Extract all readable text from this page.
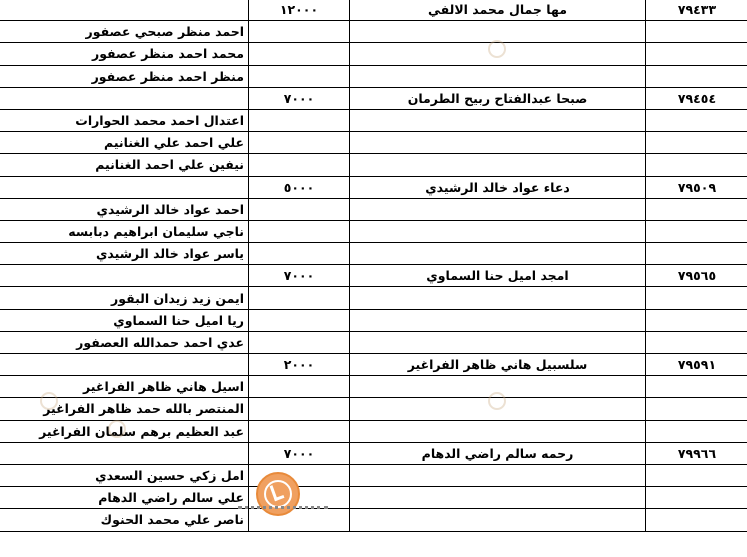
	١٢٠٠٠	مها جمال محمد الالفي	٧٩٤٣٣
احمد منظر صبحي عصفور			
محمد احمد منظر عصفور			
منظر احمد منظر عصفور			
	٧٠٠٠	صبحا عبدالفتاح ربيح الطرمان	٧٩٤٥٤
اعتدال احمد محمد الحوارات			
علي احمد علي الغنانيم			
نيفين علي احمد الغنانيم			
	٥٠٠٠	دعاء عواد خالد الرشيدي	٧٩٥٠٩
احمد عواد خالد الرشيدي			
ناجي سليمان ابراهيم دبابسه			
ياسر عواد خالد الرشيدي			
	٧٠٠٠	امجد اميل حنا السماوي	٧٩٥٦٥
ايمن زيد زيدان البقور			
ريا اميل حنا السماوي			
عدي احمد حمدالله العصفور			
	٢٠٠٠	سلسبيل هاني ظاهر الفراغير	٧٩٥٩١
اسيل هاني ظاهر الفراغير			
المنتصر بالله حمد ظاهر الفراغير			
عبد العظيم برهم سلمان الفراغير			
	٧٠٠٠	رحمه سالم راضي الدهام	٧٩٩٦٦
امل زكي حسين السعدي			
علي سالم راضي الدهام			
ناصر علي محمد الحنوك			
